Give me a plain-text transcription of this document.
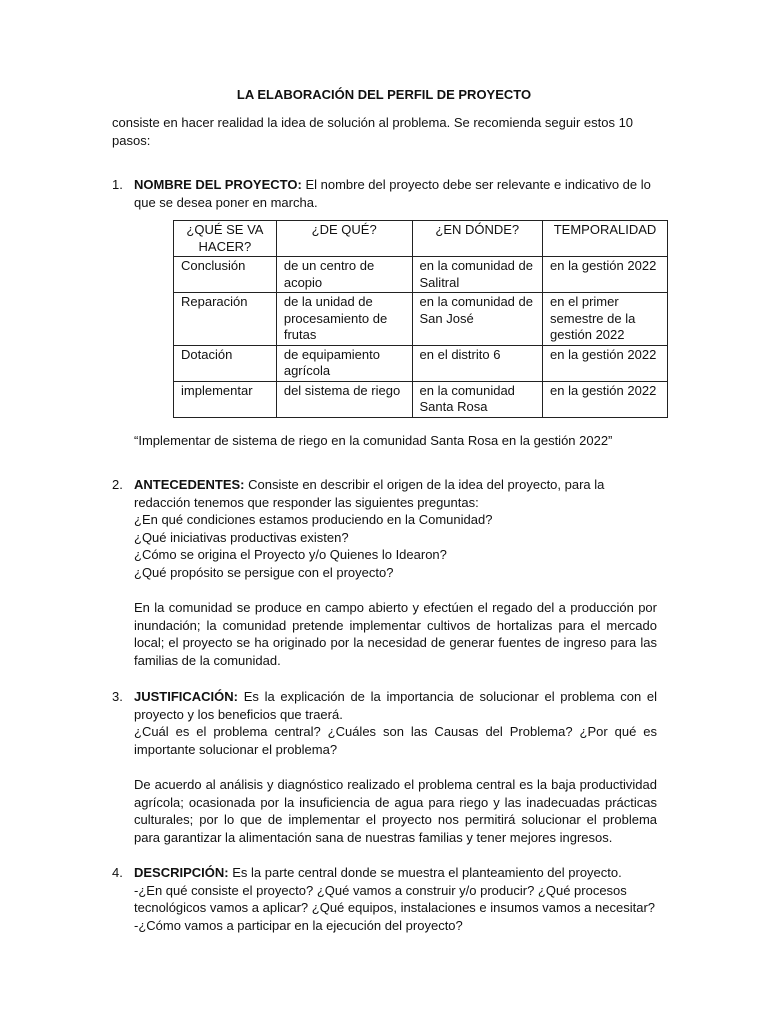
LA ELABORACIÓN DEL PERFIL DE PROYECTO
consiste en hacer realidad la idea de solución al problema. Se recomienda seguir estos 10 pasos:
1. NOMBRE DEL PROYECTO: El nombre del proyecto debe ser relevante e indicativo de lo que se desea poner en marcha.

¿QUÉ SE VA HACER?	¿DE QUÉ?	¿EN DÓNDE?	TEMPORALIDAD
Conclusión	de un centro de acopio	en la comunidad de Salitral	en la gestión 2022
Reparación	de la unidad de procesamiento de frutas	en la comunidad de San José	en el primer semestre de la gestión 2022
Dotación	de equipamiento agrícola	en el distrito 6	en la gestión 2022
implementar	del sistema de riego	en la comunidad Santa Rosa	en la gestión 2022
“Implementar de sistema de riego en la comunidad Santa Rosa en la gestión 2022”
2. ANTECEDENTES: Consiste en describir el origen de la idea del proyecto, para la redacción tenemos que responder las siguientes preguntas:

¿En qué condiciones estamos produciendo en la Comunidad?

¿Qué iniciativas productivas existen?

¿Cómo se origina el Proyecto y/o Quienes lo Idearon?

¿Qué propósito se persigue con el proyecto?

En la comunidad se produce en campo abierto y efectúen el regado del a producción por inundación; la comunidad pretende implementar cultivos de hortalizas para el mercado local; el proyecto se ha originado por la necesidad de generar fuentes de ingreso para las familias de la comunidad.

3. JUSTIFICACIÓN: Es la explicación de la importancia de solucionar el problema con el proyecto y los beneficios que traerá.

¿Cuál es el problema central? ¿Cuáles son las Causas del Problema? ¿Por qué es importante solucionar el problema?

De acuerdo al análisis y diagnóstico realizado el problema central es la baja productividad agrícola; ocasionada por la insuficiencia de agua para riego y las inadecuadas prácticas culturales; por lo que de implementar el proyecto nos permitirá solucionar el problema para garantizar la alimentación sana de nuestras familias y tener mejores ingresos.

4. DESCRIPCIÓN: Es la parte central donde se muestra el planteamiento del proyecto.

-¿En qué consiste el proyecto? ¿Qué vamos a construir y/o producir? ¿Qué procesos tecnológicos vamos a aplicar? ¿Qué equipos, instalaciones e insumos vamos a necesitar?

-¿Cómo vamos a participar en la ejecución del proyecto?
